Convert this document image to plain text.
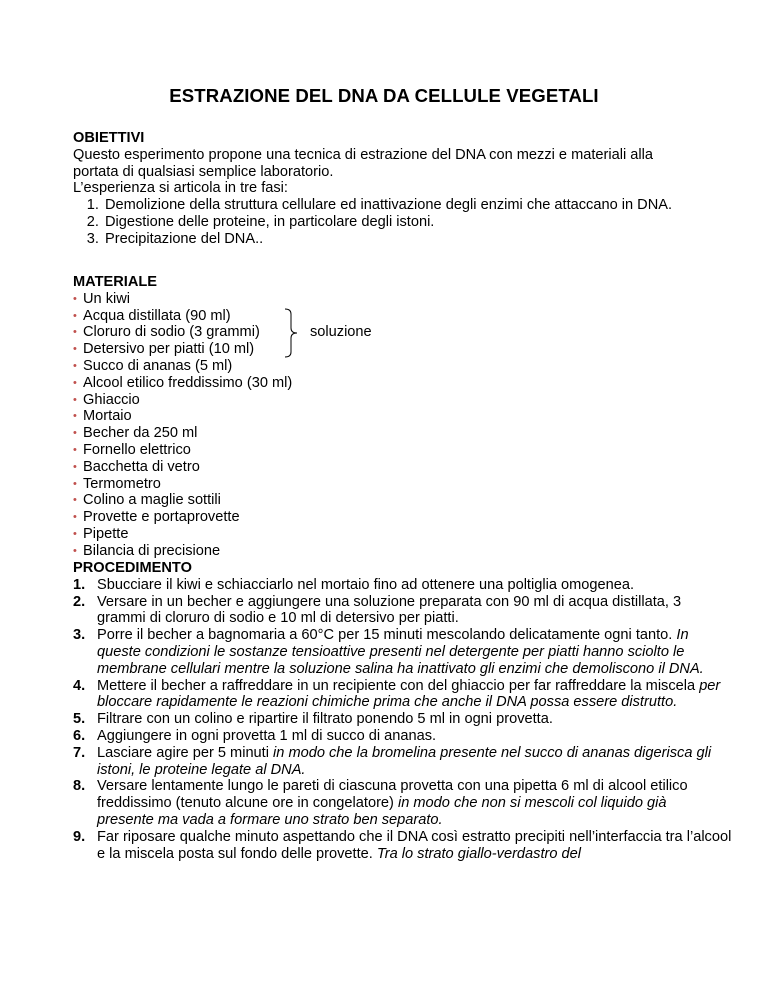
ESTRAZIONE DEL DNA DA CELLULE VEGETALI
OBIETTIVI
Questo esperimento propone una tecnica di estrazione del DNA con mezzi e materiali alla portata di qualsiasi semplice laboratorio.
L’esperienza si articola in tre fasi:
1. Demolizione della struttura cellulare ed inattivazione degli enzimi che attaccano in DNA.
2. Digestione delle proteine, in particolare degli istoni.
3. Precipitazione del DNA..
MATERIALE
• Un kiwi
• Acqua distillata (90 ml)
• Cloruro di sodio (3 grammi)
• Detersivo per piatti (10 ml)
• Succo di ananas (5 ml)
• Alcool etilico freddissimo (30 ml)
• Ghiaccio
• Mortaio
• Becher da 250 ml
• Fornello elettrico
• Bacchetta di vetro
• Termometro
• Colino a maglie sottili
• Provette e portaprovette
• Pipette
• Bilancia di precisione
soluzione
PROCEDIMENTO
1. Sbucciare il kiwi e schiacciarlo nel mortaio fino ad ottenere una poltiglia omogenea.
2. Versare in un becher e aggiungere una soluzione preparata con 90 ml di acqua distillata, 3 grammi di cloruro di sodio e 10 ml di detersivo per piatti.
3. Porre il becher a bagnomaria a 60°C per 15 minuti mescolando delicatamente ogni tanto. In queste condizioni le sostanze tensioattive presenti nel detergente per piatti hanno sciolto le membrane cellulari mentre la soluzione salina ha inattivato gli enzimi che demoliscono il DNA.
4. Mettere il becher a raffreddare in un recipiente con del ghiaccio per far raffreddare la miscela per bloccare rapidamente le reazioni chimiche prima che anche il DNA possa essere distrutto.
5. Filtrare con un colino e ripartire il filtrato ponendo 5 ml in ogni provetta.
6. Aggiungere in ogni provetta 1 ml di succo di ananas.
7. Lasciare agire per 5 minuti in modo che la bromelina presente nel succo di ananas digerisca gli istoni, le proteine legate al DNA.
8. Versare lentamente lungo le pareti di ciascuna provetta con una pipetta 6 ml di alcool etilico freddissimo (tenuto alcune ore in congelatore) in modo che non si mescoli col liquido già presente ma vada a formare uno strato ben separato.
9. Far riposare qualche minuto aspettando che il DNA così estratto precipiti nell’interfaccia tra l’alcool e la miscela posta sul fondo delle provette. Tra lo strato giallo-verdastro del
